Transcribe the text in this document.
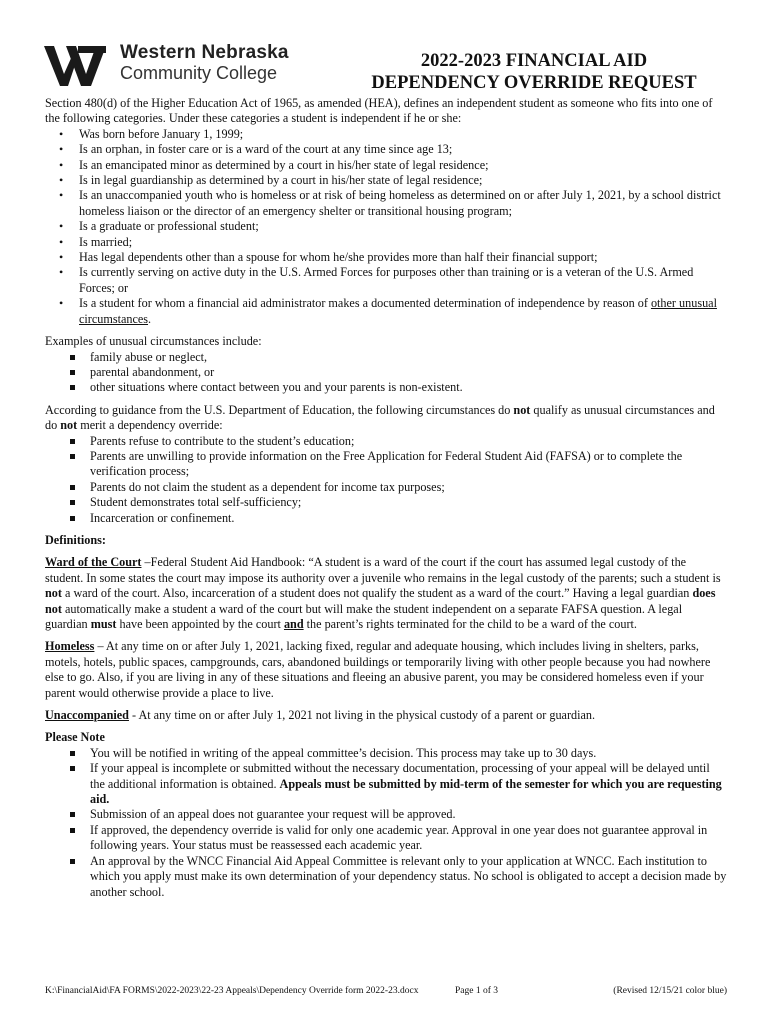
Western Nebraska
Community College
2022-2023 FINANCIAL AID
DEPENDENCY OVERRIDE REQUEST

Section 480(d) of the Higher Education Act of 1965, as amended (HEA), defines an independent student as someone who fits into one of the following categories. Under these categories a student is independent if he or she:

• Was born before January 1, 1999;
• Is an orphan, in foster care or is a ward of the court at any time since age 13;
• Is an emancipated minor as determined by a court in his/her state of legal residence;
• Is in legal guardianship as determined by a court in his/her state of legal residence;
• Is an unaccompanied youth who is homeless or at risk of being homeless as determined on or after July 1, 2021, by a school district homeless liaison or the director of an emergency shelter or transitional housing program;
• Is a graduate or professional student;
• Is married;
• Has legal dependents other than a spouse for whom he/she provides more than half their financial support;
• Is currently serving on active duty in the U.S. Armed Forces for purposes other than training or is a veteran of the U.S. Armed Forces; or
• Is a student for whom a financial aid administrator makes a documented determination of independence by reason of other unusual circumstances.

Examples of unusual circumstances include:

family abuse or neglect,
parental abandonment, or
other situations where contact between you and your parents is non-existent.

According to guidance from the U.S. Department of Education, the following circumstances do not qualify as unusual circumstances and do not merit a dependency override:

Parents refuse to contribute to the student’s education;
Parents are unwilling to provide information on the Free Application for Federal Student Aid (FAFSA) or to complete the verification process;
Parents do not claim the student as a dependent for income tax purposes;
Student demonstrates total self-sufficiency;
Incarceration or confinement.

Definitions:

Ward of the Court –Federal Student Aid Handbook: “A student is a ward of the court if the court has assumed legal custody of the student. In some states the court may impose its authority over a juvenile who remains in the legal custody of the parents; such a student is not a ward of the court. Also, incarceration of a student does not qualify the student as a ward of the court.” Having a legal guardian does not automatically make a student a ward of the court but will make the student independent on a separate FAFSA question. A legal guardian must have been appointed by the court and the parent’s rights terminated for the child to be a ward of the court.

Homeless – At any time on or after July 1, 2021, lacking fixed, regular and adequate housing, which includes living in shelters, parks, motels, hotels, public spaces, campgrounds, cars, abandoned buildings or temporarily living with other people because you had nowhere else to go. Also, if you are living in any of these situations and fleeing an abusive parent, you may be considered homeless even if your parent would otherwise provide a place to live.

Unaccompanied - At any time on or after July 1, 2021 not living in the physical custody of a parent or guardian.

Please Note

You will be notified in writing of the appeal committee’s decision. This process may take up to 30 days.
If your appeal is incomplete or submitted without the necessary documentation, processing of your appeal will be delayed until the additional information is obtained. Appeals must be submitted by mid-term of the semester for which you are requesting aid.
Submission of an appeal does not guarantee your request will be approved.
If approved, the dependency override is valid for only one academic year. Approval in one year does not guarantee approval in following years. Your status must be reassessed each academic year.
An approval by the WNCC Financial Aid Appeal Committee is relevant only to your application at WNCC. Each institution to which you apply must make its own determination of your dependency status. No school is obligated to accept a decision made by another school.
K:\FinancialAid\FA FORMS\2022-2023\22-23 Appeals\Dependency Override form 2022-23.docx	Page 1 of 3	(Revised 12/15/21 color blue)
